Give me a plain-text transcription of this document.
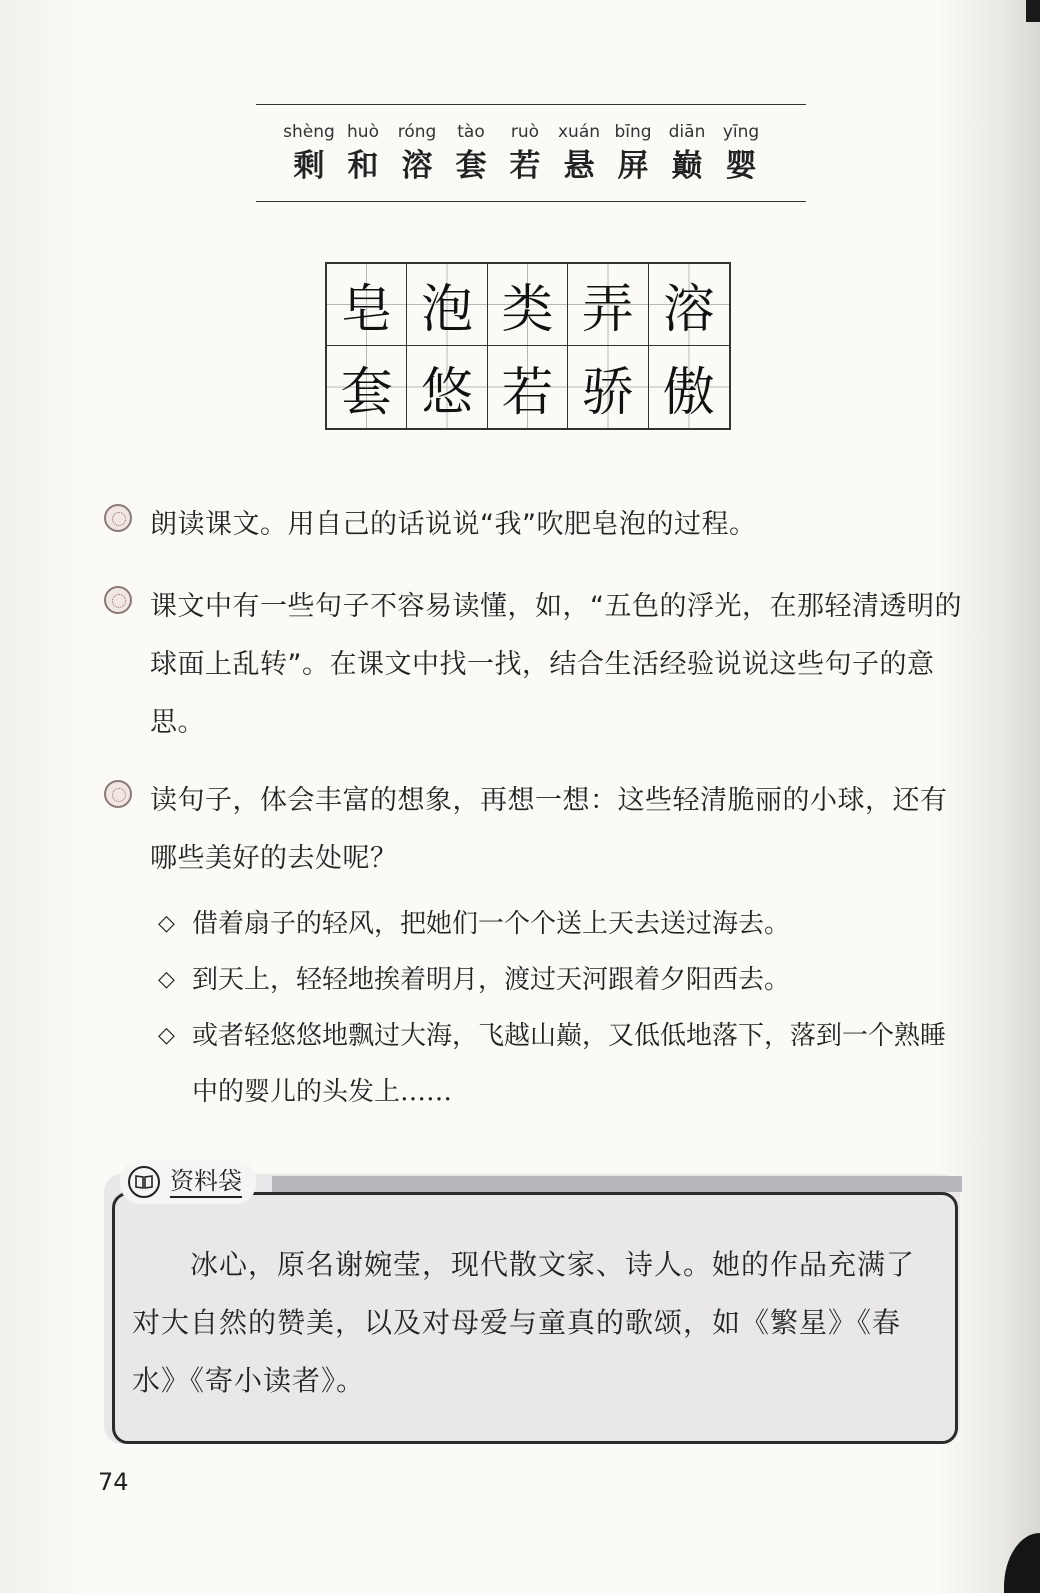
shèng
剩
huò
和
róng
溶
tào
套
ruò
若
xuán
悬
bīng
屏
diān
巅
yīng
婴
皂 泡 类 弄 溶
套 悠 若 骄 傲
朗读课文。用自己的话说说“我”吹肥皂泡的过程。
课文中有一些句子不容易读懂，如，“五色的浮光，在那轻清透明的球面上乱转”。在课文中找一找，结合生活经验说说这些句子的意思。
读句子，体会丰富的想象，再想一想：这些轻清脆丽的小球，还有哪些美好的去处呢？
◇ 借着扇子的轻风，把她们一个个送上天去送过海去。
◇ 到天上，轻轻地挨着明月，渡过天河跟着夕阳西去。
◇ 或者轻悠悠地飘过大海，飞越山巅，又低低地落下，落到一个熟睡中的婴儿的头发上……
资料袋
冰心，原名谢婉莹，现代散文家、诗人。她的作品充满了对大自然的赞美，以及对母爱与童真的歌颂，如《繁星》《春水》《寄小读者》。
74
